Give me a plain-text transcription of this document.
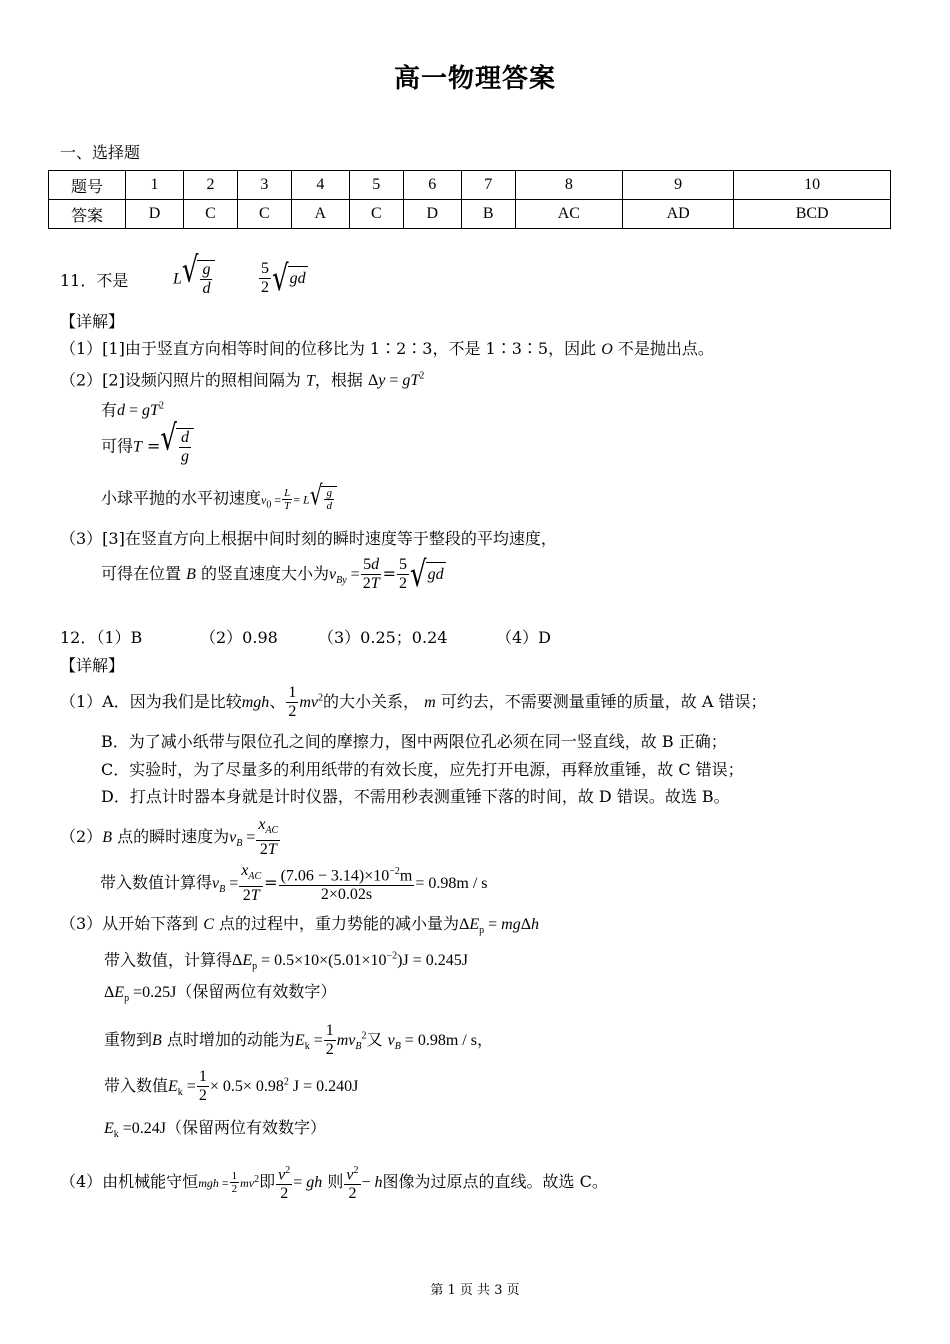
高一物理答案
一、选择题
题号	1	2	3	4	5	6	7	8	9	10
答案	D	C	C	A	C	D	B	AC	AD	BCD
11．不是	L √ $\frac{g}{d}$	$\frac{5}{2}$ √ gd
【详解】
（1）[1]由于竖直方向相等时间的位移比为 1∶2∶3，不是 1∶3∶5，因此 O 不是抛出点。
（2）[2]设频闪照片的照相间隔为 T，根据 $\Delta y = gT^2$
有$d = gT^2$
可得T = √ $\frac{d}{g}$
小球平抛的水平初速度$v_0 = \frac{L}{T} = L$ √ $\frac{g}{d}$
（3）[3]在竖直方向上根据中间时刻的瞬时速度等于整段的平均速度，
可得在位置 B 的竖直速度大小为$v_{By} = \frac{5d}{2T} = \frac{5}{2}$ √ gd
12．（1）B	（2）0.98	（3）0.25；0.24	（4）D
【详解】
（1）A．因为我们是比较mgh、 $\frac{1}{2} mv^2$的大小关系， m 可约去，不需要测量重锤的质量，故 A 错误；
B．为了减小纸带与限位孔之间的摩擦力，图中两限位孔必须在同一竖直线，故 B 正确；
C．实验时，为了尽量多的利用纸带的有效长度，应先打开电源，再释放重锤，故 C 错误；
D．打点计时器本身就是计时仪器，不需用秒表测重锤下落的时间，故 D 错误。故选 B。
（2）B 点的瞬时速度为$v_B = \frac{x_{AC}}{2T}$
带入数值计算得$v_B = \frac{x_{AC}}{2T} = \frac{(7.06 - 3.14)\times 10^{-2}m}{2\times 0.02s} = 0.98m / s$
（3）从开始下落到 C 点的过程中，重力势能的减小量为$\Delta E_p = mg\Delta h$
带入数值，计算得$\Delta E_p = 0.5\times 10\times(5.01\times 10^{-2})J = 0.245J$
$\Delta E_p =0.25J$（保留两位有效数字）
重物到B 点时增加的动能为$E_k = \frac{1}{2} mv_B^2$又 $v_B = 0.98m / s$，
带入数值$E_k = \frac{1}{2} \times 0.5\times 0.98^2$ J = 0.240J
$E_k =0.24J$（保留两位有效数字）
（4）由机械能守恒mgh = $\frac{1}{2} mv^2$即 $\frac{v^2}{2}$ = gh 则 $\frac{v^2}{2} - h$图像为过原点的直线。故选 C。
第 1 页 共 3 页
